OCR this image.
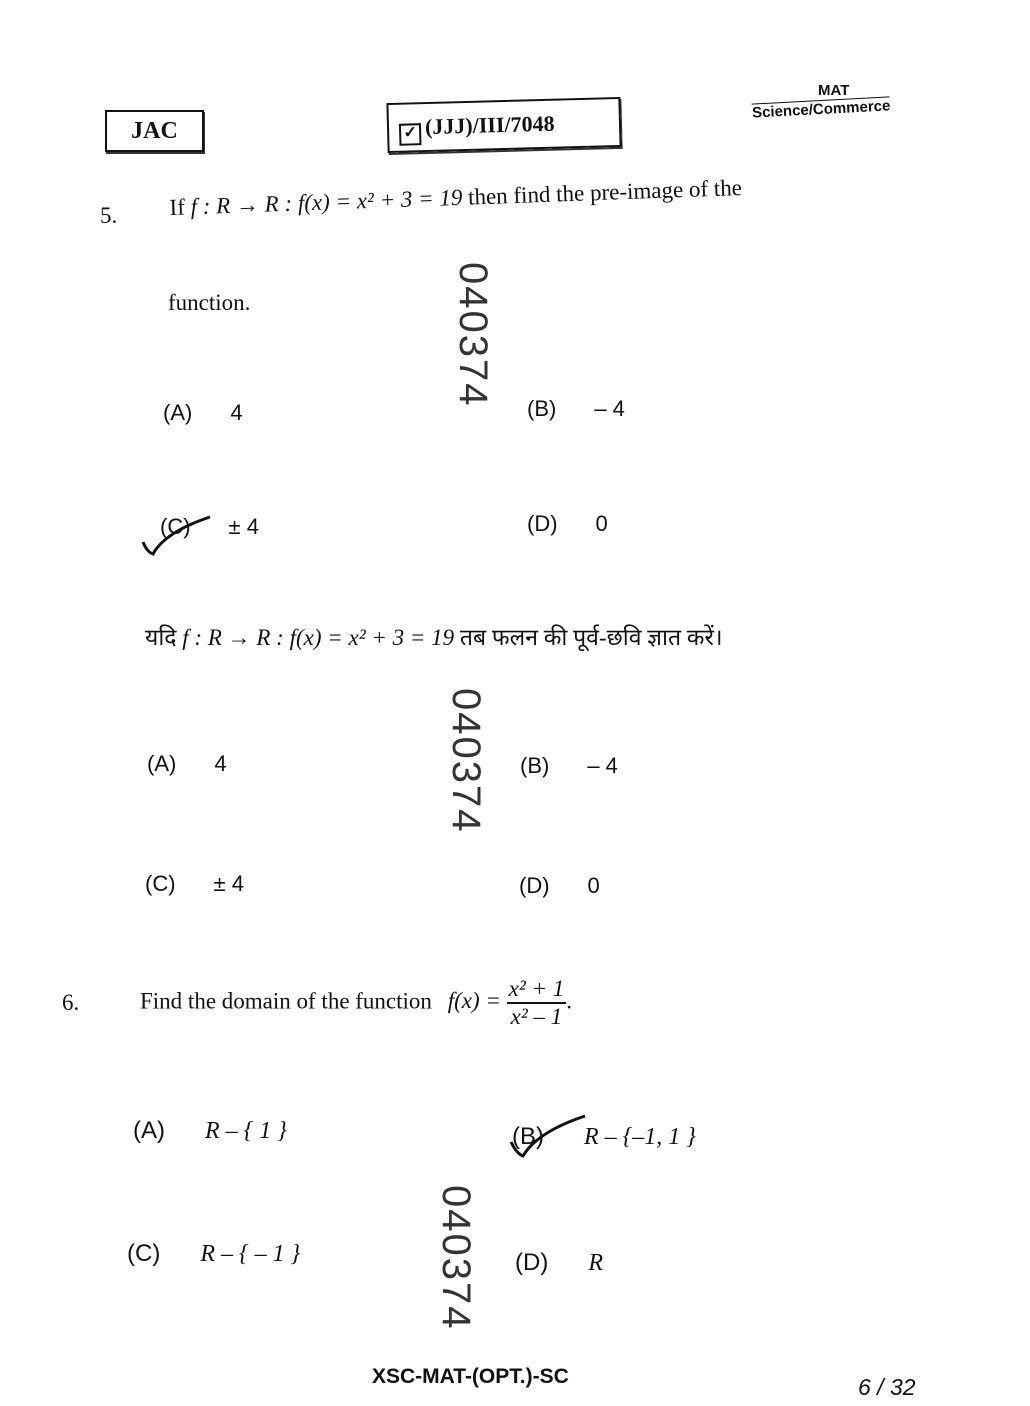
JAC	✓ (JJJ)/III/7048
MAT
Science/Commerce
040374
040374
040374
5. If f : R → R : f(x) = x² + 3 = 19 then find the pre-image of the
function.
(A) 4	(B) – 4
(C) ± 4	(D) 0
यदि f : R → R : f(x) = x² + 3 = 19 तब फलन की पूर्व-छवि ज्ञात करें।
(A) 4	(B) – 4
(C) ± 4	(D) 0
6.	Find the domain of the function $f(x) = \frac{\text{x² + 1}}{\text{x² – 1}}$ .
(A) R – { 1 }	(B) R – {–1, 1 }
(C) R – { – 1 }	(D) R
XSC-MAT-(OPT.)-SC	6 / 32
